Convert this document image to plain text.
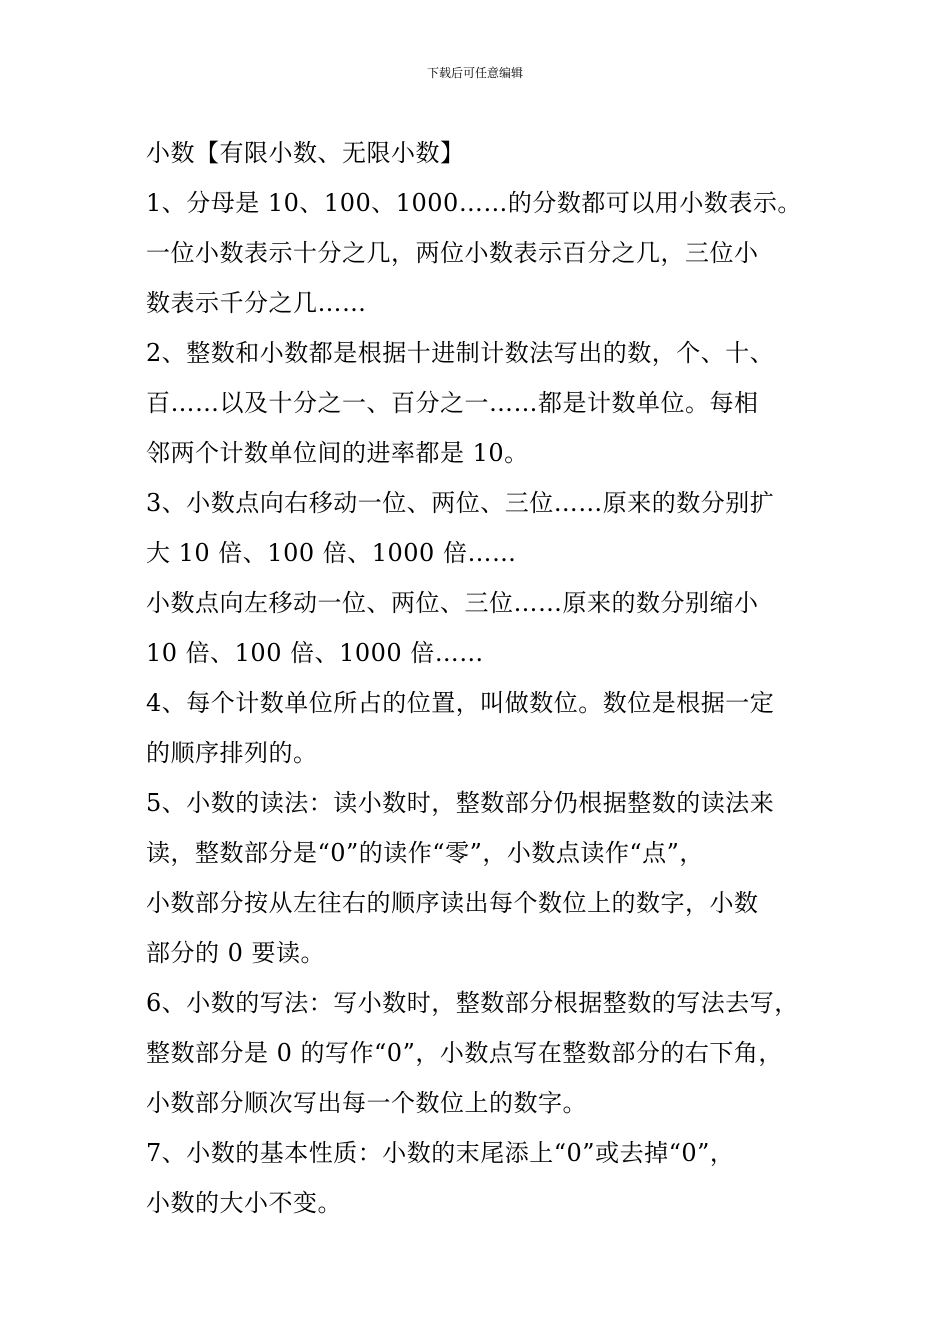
下载后可任意编辑
小数【有限小数、无限小数】
1、分母是 10、100、1000……的分数都可以用小数表示。
一位小数表示十分之几，两位小数表示百分之几，三位小
数表示千分之几……
2、整数和小数都是根据十进制计数法写出的数，个、十、
百……以及十分之一、百分之一……都是计数单位。每相
邻两个计数单位间的进率都是 10。
3、小数点向右移动一位、两位、三位……原来的数分别扩
大 10 倍、100 倍、1000 倍……
小数点向左移动一位、两位、三位……原来的数分别缩小
10 倍、100 倍、1000 倍……
4、每个计数单位所占的位置，叫做数位。数位是根据一定
的顺序排列的。
5、小数的读法：读小数时，整数部分仍根据整数的读法来
读，整数部分是“0”的读作“零”，小数点读作“点”，
小数部分按从左往右的顺序读出每个数位上的数字，小数
部分的 0 要读。
6、小数的写法：写小数时，整数部分根据整数的写法去写，
整数部分是 0 的写作“0”，小数点写在整数部分的右下角，
小数部分顺次写出每一个数位上的数字。
7、小数的基本性质：小数的末尾添上“0”或去掉“0”，
小数的大小不变。
